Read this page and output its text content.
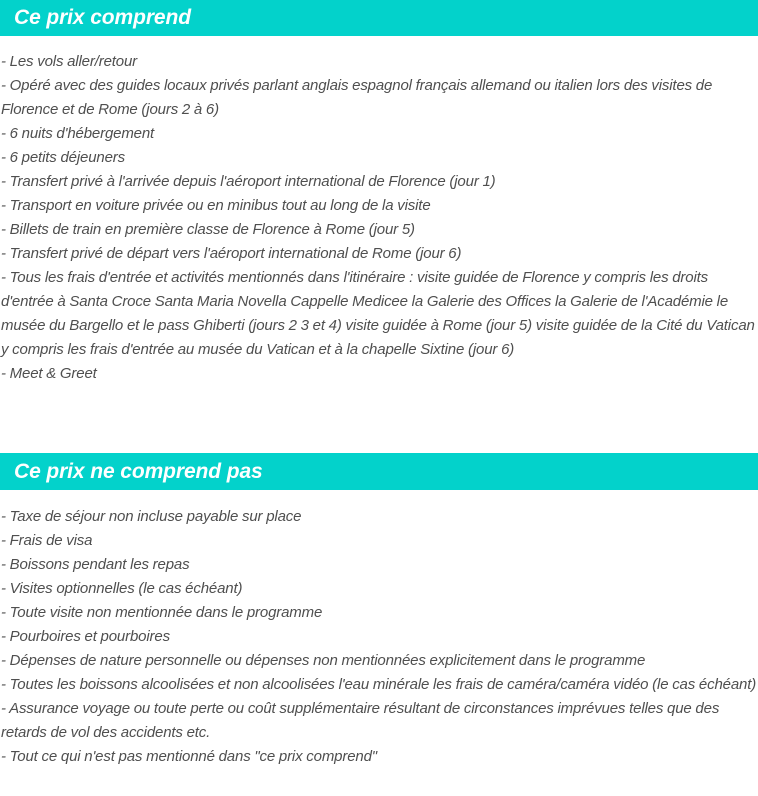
Ce prix comprend
- Les vols aller/retour
- Opéré avec des guides locaux privés parlant anglais espagnol français allemand ou italien lors des visites de Florence et de Rome (jours 2 à 6)
- 6 nuits d'hébergement
- 6 petits déjeuners
- Transfert privé à l'arrivée depuis l'aéroport international de Florence (jour 1)
- Transport en voiture privée ou en minibus tout au long de la visite
- Billets de train en première classe de Florence à Rome (jour 5)
- Transfert privé de départ vers l'aéroport international de Rome (jour 6)
- Tous les frais d'entrée et activités mentionnés dans l'itinéraire : visite guidée de Florence y compris les droits d'entrée à Santa Croce Santa Maria Novella Cappelle Medicee la Galerie des Offices la Galerie de l'Académie le musée du Bargello et le pass Ghiberti (jours 2 3 et 4) visite guidée à Rome (jour 5) visite guidée de la Cité du Vatican y compris les frais d'entrée au musée du Vatican et à la chapelle Sixtine (jour 6)
- Meet & Greet
Ce prix ne comprend pas
- Taxe de séjour non incluse payable sur place
- Frais de visa
- Boissons pendant les repas
- Visites optionnelles (le cas échéant)
- Toute visite non mentionnée dans le programme
- Pourboires et pourboires
- Dépenses de nature personnelle ou dépenses non mentionnées explicitement dans le programme
- Toutes les boissons alcoolisées et non alcoolisées l'eau minérale les frais de caméra/caméra vidéo (le cas échéant)
- Assurance voyage ou toute perte ou coût supplémentaire résultant de circonstances imprévues telles que des retards de vol des accidents etc.
- Tout ce qui n'est pas mentionné dans "ce prix comprend"
